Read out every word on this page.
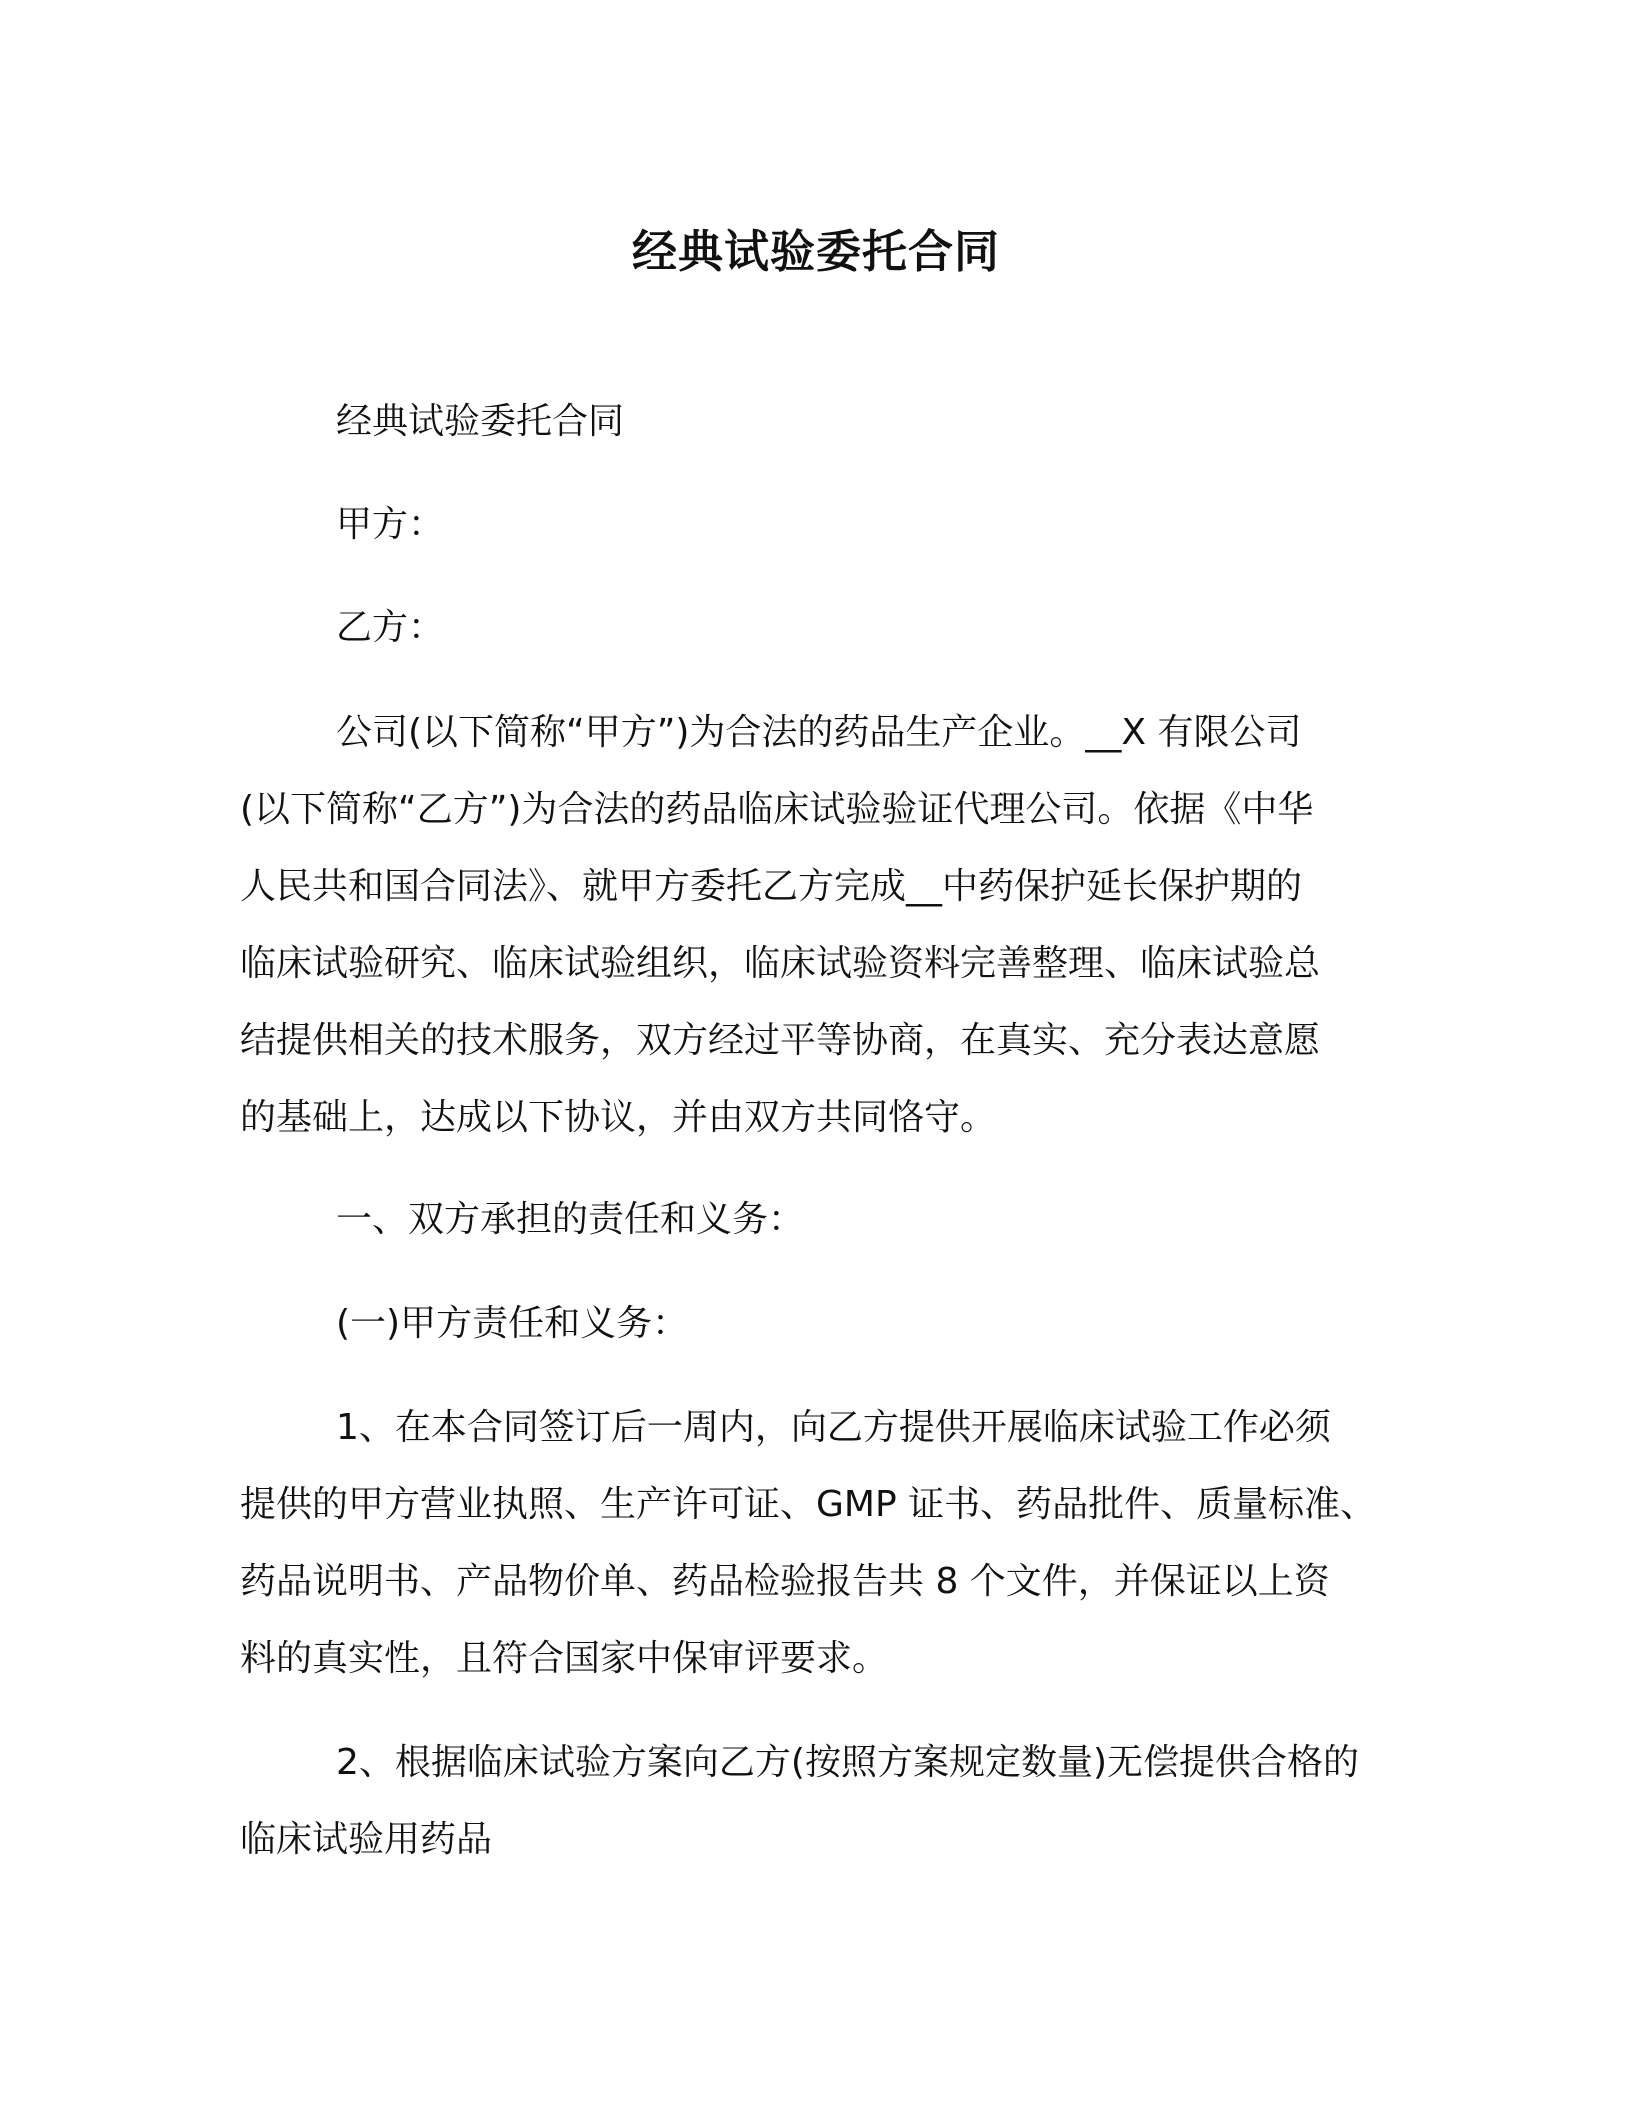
经典试验委托合同

经典试验委托合同

甲方：

乙方：

公司(以下简称“甲方”)为合法的药品生产企业。__X 有限公司
(以下简称“乙方”)为合法的药品临床试验验证代理公司。依据《中华
人民共和国合同法》、就甲方委托乙方完成__中药保护延长保护期的
临床试验研究、临床试验组织，临床试验资料完善整理、临床试验总
结提供相关的技术服务，双方经过平等协商，在真实、充分表达意愿
的基础上，达成以下协议，并由双方共同恪守。

一、双方承担的责任和义务：

(一)甲方责任和义务：

1、在本合同签订后一周内，向乙方提供开展临床试验工作必须
提供的甲方营业执照、生产许可证、GMP 证书、药品批件、质量标准、
药品说明书、产品物价单、药品检验报告共 8 个文件，并保证以上资
料的真实性，且符合国家中保审评要求。

2、根据临床试验方案向乙方(按照方案规定数量)无偿提供合格的
临床试验用药品
